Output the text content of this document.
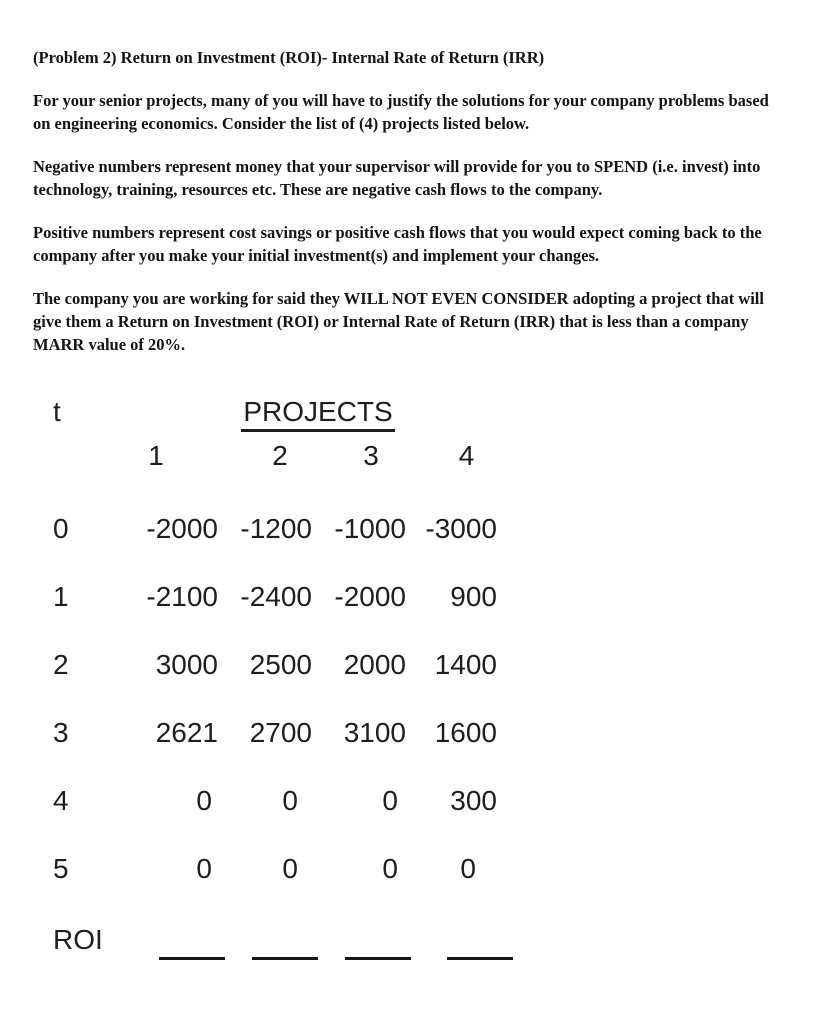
(Problem 2) Return on Investment (ROI)- Internal Rate of Return (IRR)

For your senior projects, many of you will have to justify the solutions for your company problems based on engineering economics. Consider the list of (4) projects listed below.

Negative numbers represent money that your supervisor will provide for you to SPEND (i.e. invest) into technology, training, resources etc. These are negative cash flows to the company.

Positive numbers represent cost savings or positive cash flows that you would expect coming back to the company after you make your initial investment(s) and implement your changes.

The company you are working for said they WILL NOT EVEN CONSIDER adopting a project that will give them a Return on Investment (ROI) or Internal Rate of Return (IRR) that is less than a company MARR value of 20%.

t	PROJECTS
1	2	3	4
0	-2000 -1200 -1000 -3000
1	-2100 -2400 -2000	900
2	3000	2500	2000	1400
3	2621	2700	3100	1600
4	0	0	0	300
5	0	0	0	0
ROI
